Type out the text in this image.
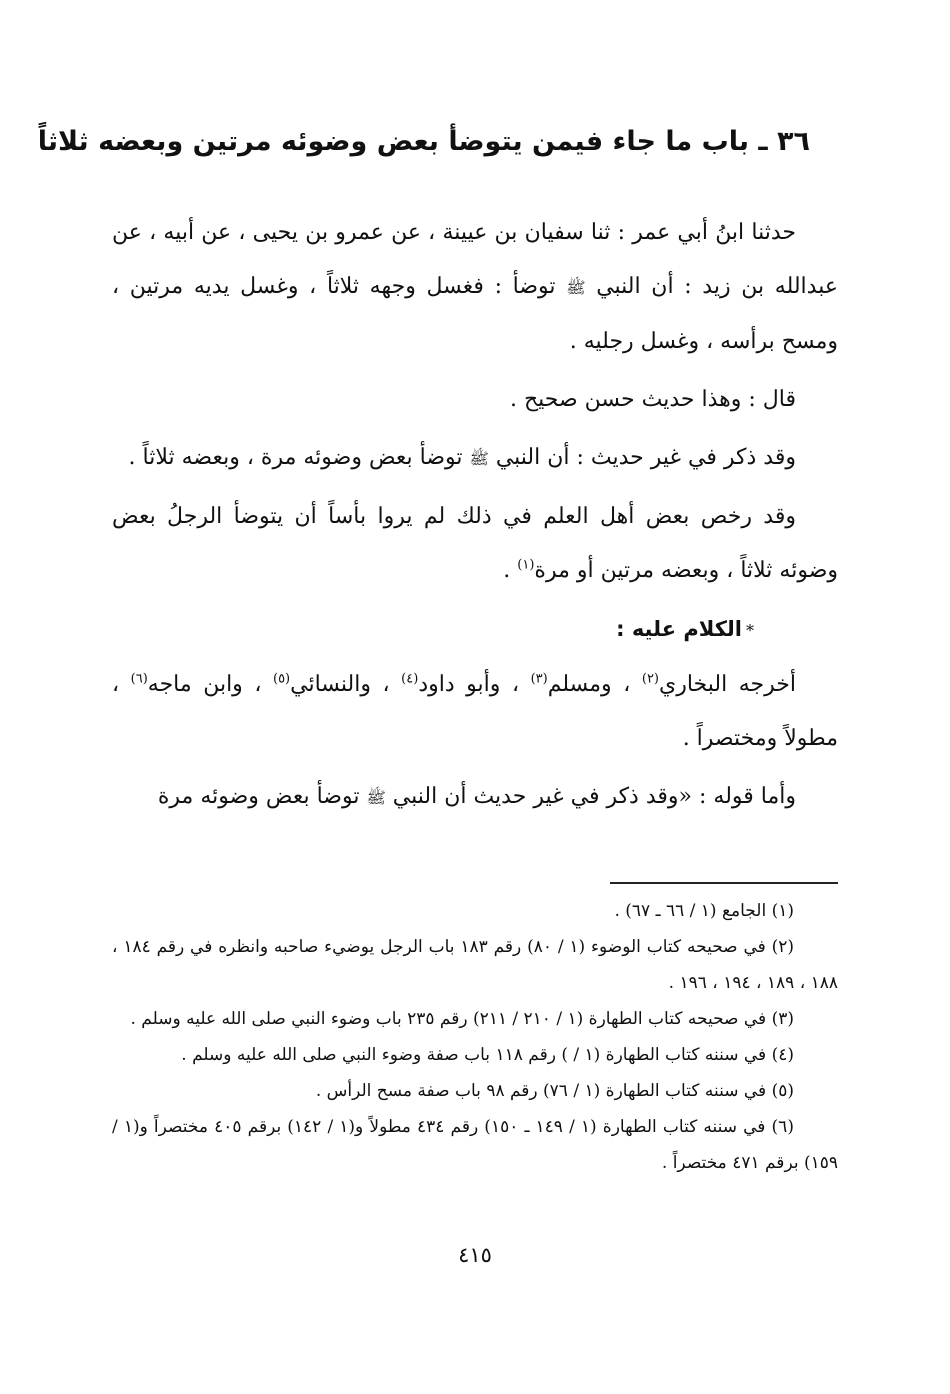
٣٦ ـ باب ما جاء فيمن يتوضأ بعض وضوئه مرتين وبعضه ثلاثاً

حدثنا ابنُ أبي عمر : ثنا سفيان بن عيينة ، عن عمرو بن يحيى ، عن أبيه ، عن عبدالله بن زيد : أن النبي ﷺ توضأ : فغسل وجهه ثلاثاً ، وغسل يديه مرتين ، ومسح برأسه ، وغسل رجليه .

قال : وهذا حديث حسن صحيح .

وقد ذكر في غير حديث : أن النبي ﷺ توضأ بعض وضوئه مرة ، وبعضه ثلاثاً .

وقد رخص بعض أهل العلم في ذلك لم يروا بأساً أن يتوضأ الرجلُ بعض وضوئه ثلاثاً ، وبعضه مرتين أو مرة$^{(١)}$ .

*الكلام عليه :

أخرجه البخاري$^{(٢)}$ ، ومسلم$^{(٣)}$ ، وأبو داود$^{(٤)}$ ، والنسائي$^{(٥)}$ ، وابن ماجه$^{(٦)}$ ، مطولاً ومختصراً .

وأما قوله : «وقد ذكر في غير حديث أن النبي ﷺ توضأ بعض وضوئه مرة

(١) الجامع (١ / ٦٦ ـ ٦٧) .

(٢) في صحيحه كتاب الوضوء (١ / ٨٠) رقم ١٨٣ باب الرجل يوضيء صاحبه وانظره في رقم ١٨٤ ، ١٨٨ ، ١٨٩ ، ١٩٤ ، ١٩٦ .

(٣) في صحيحه كتاب الطهارة (١ / ٢١٠ / ٢١١) رقم ٢٣٥ باب وضوء النبي صلى الله عليه وسلم .

(٤) في سننه كتاب الطهارة (١ / ) رقم ١١٨ باب صفة وضوء النبي صلى الله عليه وسلم .

(٥) في سننه كتاب الطهارة (١ / ٧٦) رقم ٩٨ باب صفة مسح الرأس .

(٦) في سننه كتاب الطهارة (١ / ١٤٩ ـ ١٥٠) رقم ٤٣٤ مطولاً و(١ / ١٤٢) برقم ٤٠٥ مختصراً و(١ / ١٥٩) برقم ٤٧١ مختصراً .

٤١٥
